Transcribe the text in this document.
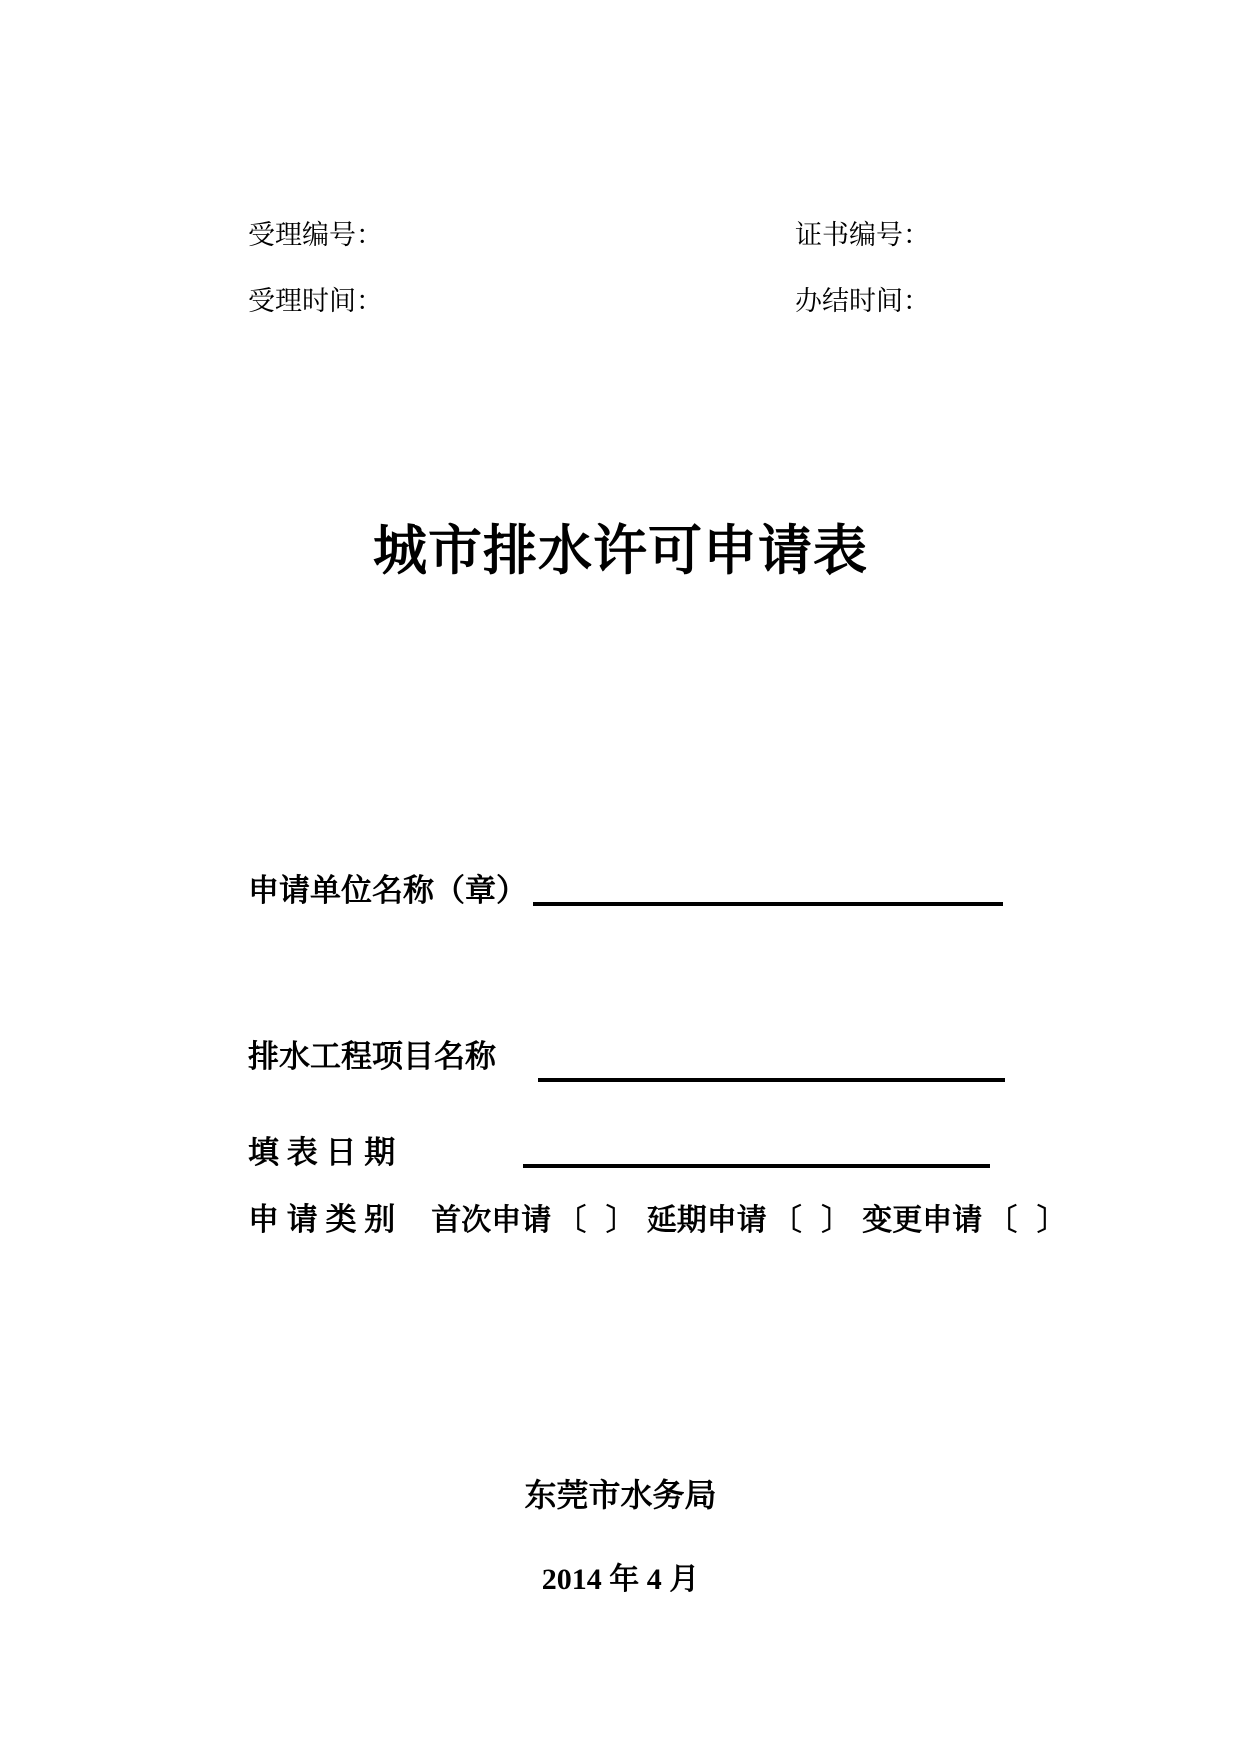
受理编号：	证书编号：
受理时间：	办结时间：
城市排水许可申请表
申请单位名称（章）
排水工程项目名称
填 表 日 期
申 请 类 别 首次申请 〔 〕 延期申请 〔 〕 变更申请 〔 〕
东莞市水务局
2014 年 4 月
